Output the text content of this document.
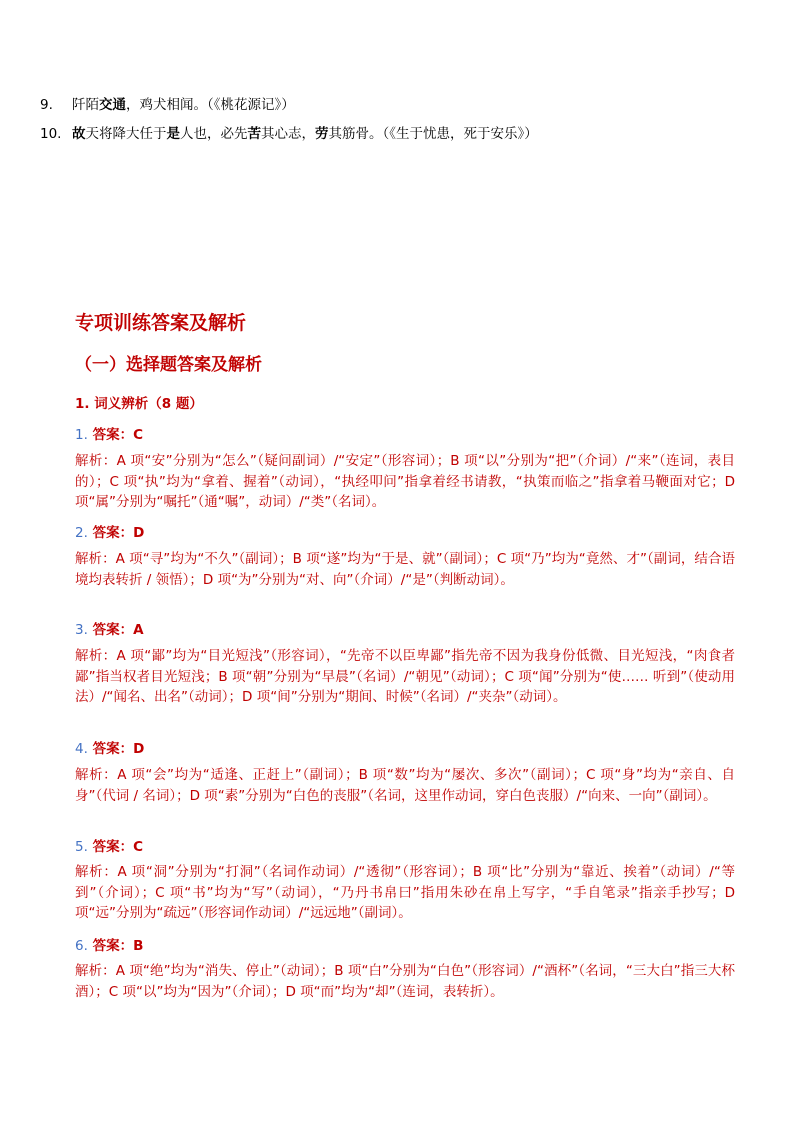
9. 阡陌交通，鸡犬相闻。（《桃花源记》）
10. 故天将降大任于是人也，必先苦其心志，劳其筋骨。（《生于忧患，死于安乐》）
专项训练答案及解析
（一）选择题答案及解析
1. 词义辨析（8 题）
1. 答案：C
解析：A 项“安”分别为“怎么”（疑问副词）/“安定”（形容词）；B 项“以”分别为“把”（介词）/“来”（连词，表目的）；C 项“执”均为“拿着、握着”（动词），“执经叩问”指拿着经书请教，“执策而临之”指拿着马鞭面对它；D 项“属”分别为“嘱托”（通“嘱”，动词）/“类”（名词）。
2. 答案：D
解析：A 项“寻”均为“不久”（副词）；B 项“遂”均为“于是、就”（副词）；C 项“乃”均为“竟然、才”（副词，结合语境均表转折 / 领悟）；D 项“为”分别为“对、向”（介词）/“是”（判断动词）。
3. 答案：A
解析：A 项“鄙”均为“目光短浅”（形容词），“先帝不以臣卑鄙”指先帝不因为我身份低微、目光短浅，“肉食者鄙”指当权者目光短浅；B 项“朝”分别为“早晨”（名词）/“朝见”（动词）；C 项“闻”分别为“使…… 听到”（使动用法）/“闻名、出名”（动词）；D 项“间”分别为“期间、时候”（名词）/“夹杂”（动词）。
4. 答案：D
解析：A 项“会”均为“适逢、正赶上”（副词）；B 项“数”均为“屡次、多次”（副词）；C 项“身”均为“亲自、自身”（代词 / 名词）；D 项“素”分别为“白色的丧服”（名词，这里作动词，穿白色丧服）/“向来、一向”（副词）。
5. 答案：C
解析：A 项“洞”分别为“打洞”（名词作动词）/“透彻”（形容词）；B 项“比”分别为“靠近、挨着”（动词）/“等到”（介词）；C 项“书”均为“写”（动词），“乃丹书帛曰”指用朱砂在帛上写字，“手自笔录”指亲手抄写；D 项“远”分别为“疏远”（形容词作动词）/“远远地”（副词）。
6. 答案：B
解析：A 项“绝”均为“消失、停止”（动词）；B 项“白”分别为“白色”（形容词）/“酒杯”（名词，“三大白”指三大杯酒）；C 项“以”均为“因为”（介词）；D 项“而”均为“却”（连词，表转折）。
